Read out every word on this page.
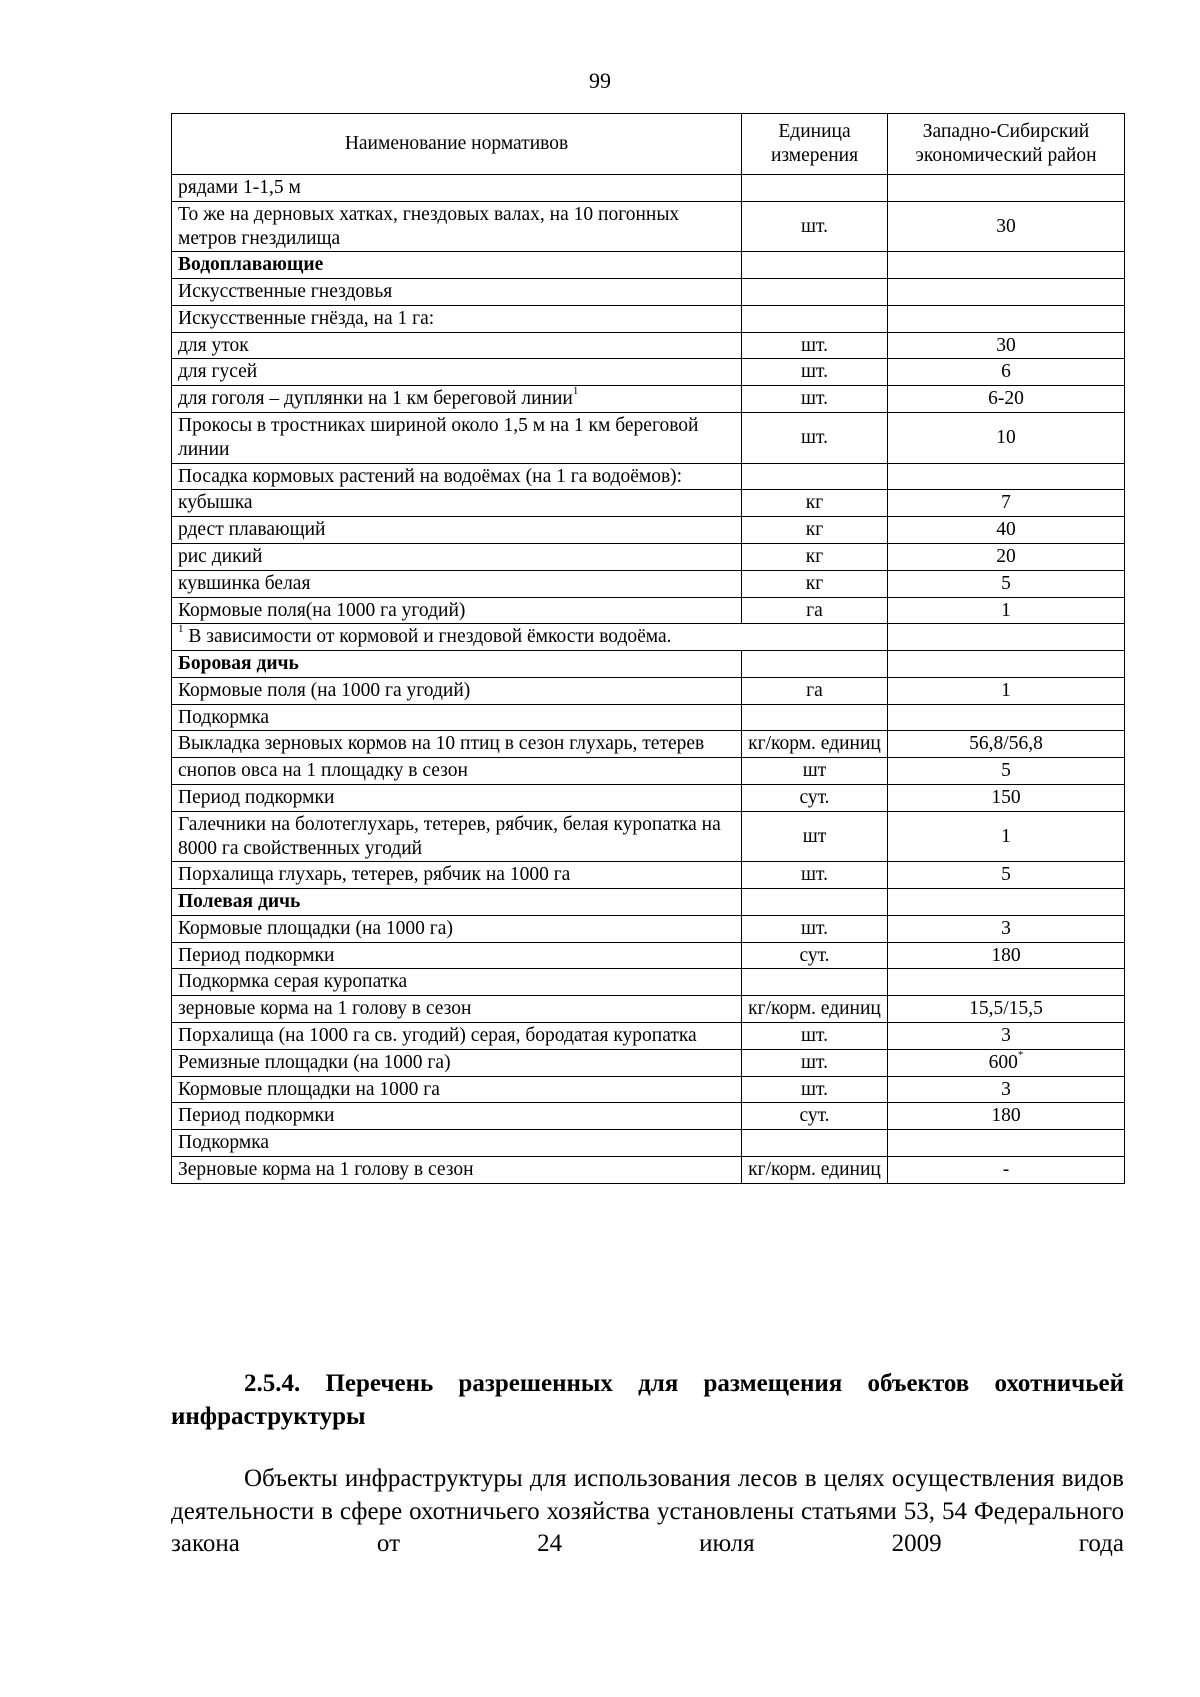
99
Наименование нормативов	Единица измерения	Западно-Сибирский экономический район
рядами 1-1,5 м		
То же на дерновых хатках, гнездовых валах, на 10 погонных метров гнездилища	шт.	30
Водоплавающие		
Искусственные гнездовья		
Искусственные гнёзда, на 1 га:		
для уток	шт.	30
для гусей	шт.	6
для гоголя – дуплянки на 1 км береговой линии$^1$	шт.	6-20
Прокосы в тростниках шириной около 1,5 м на 1 км береговой линии	шт.	10
Посадка кормовых растений на водоёмах (на 1 га водоёмов):		
кубышка	кг	7
рдест плавающий	кг	40
рис дикий	кг	20
кувшинка белая	кг	5
Кормовые поля(на 1000 га угодий)	га	1
$^1$ В зависимости от кормовой и гнездовой ёмкости водоёма.		
Боровая дичь		
Кормовые поля (на 1000 га угодий)	га	1
Подкормка		
Выкладка зерновых кормов на 10 птиц в сезон глухарь, тетерев	кг/корм. единиц	56,8/56,8
снопов овса на 1 площадку в сезон	шт	5
Период подкормки	сут.	150
Галечники на болотеглухарь, тетерев, рябчик, белая куропатка на 8000 га свойственных угодий	шт	1
Порхалища глухарь, тетерев, рябчик на 1000 га	шт.	5
Полевая дичь		
Кормовые площадки (на 1000 га)	шт.	3
Период подкормки	сут.	180
Подкормка серая куропатка		
зерновые корма на 1 голову в сезон	кг/корм. единиц	15,5/15,5
Порхалища (на 1000 га св. угодий) серая, бородатая куропатка	шт.	3
Ремизные площадки (на 1000 га)	шт.	600*
Кормовые площадки на 1000 га	шт.	3
Период подкормки	сут.	180
Подкормка		
Зерновые корма на 1 голову в сезон	кг/корм. единиц	-
2.5.4. Перечень разрешенных для размещения объектов охотничьей инфраструктуры
Объекты инфраструктуры для использования лесов в целях осуществления видов деятельности в сфере охотничьего хозяйства установлены статьями 53, 54 Федерального закона от 24 июля 2009 года
